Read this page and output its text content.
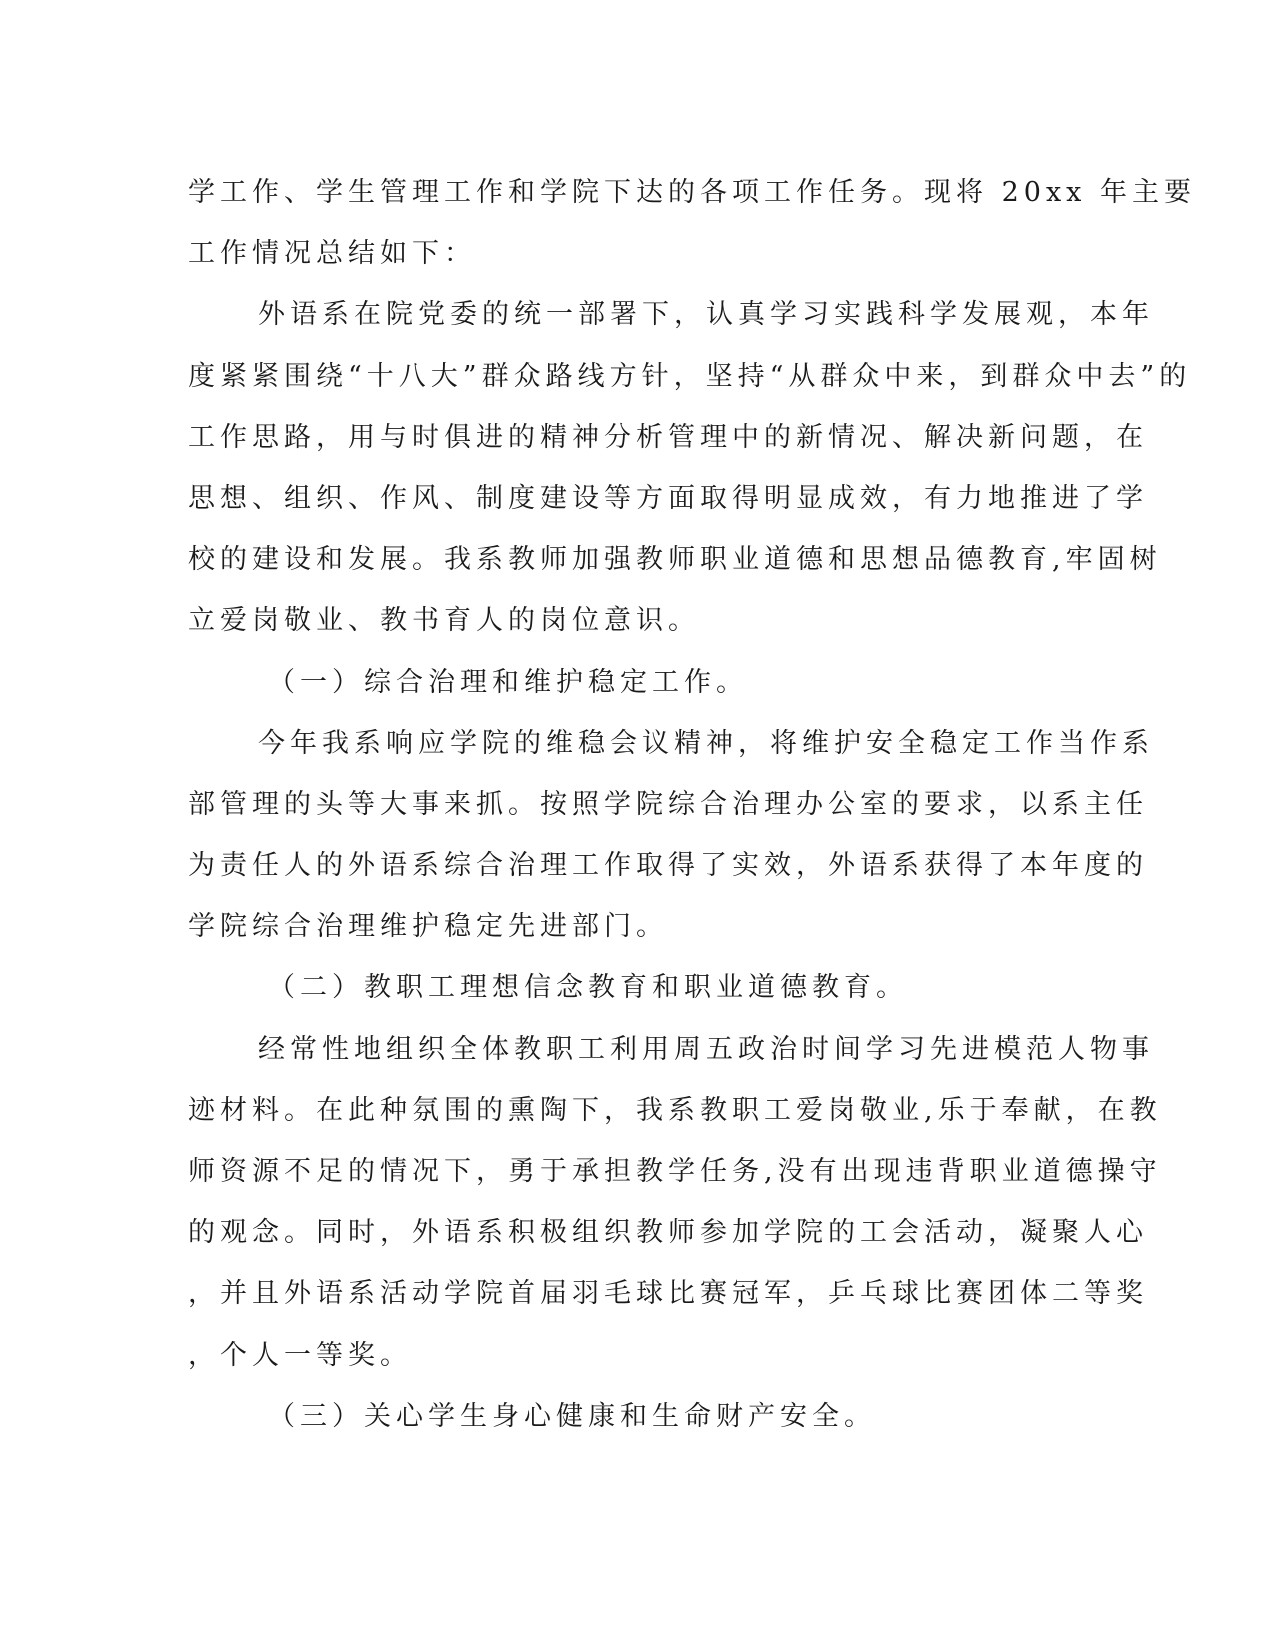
学工作、学生管理工作和学院下达的各项工作任务。现将 20xx 年主要
工作情况总结如下：
外语系在院党委的统一部署下，认真学习实践科学发展观，本年
度紧紧围绕“十八大”群众路线方针，坚持“从群众中来，到群众中去”的
工作思路，用与时俱进的精神分析管理中的新情况、解决新问题，在
思想、组织、作风、制度建设等方面取得明显成效，有力地推进了学
校的建设和发展。我系教师加强教师职业道德和思想品德教育,牢固树
立爱岗敬业、教书育人的岗位意识。
（一）综合治理和维护稳定工作。
今年我系响应学院的维稳会议精神，将维护安全稳定工作当作系
部管理的头等大事来抓。按照学院综合治理办公室的要求，以系主任
为责任人的外语系综合治理工作取得了实效，外语系获得了本年度的
学院综合治理维护稳定先进部门。
（二）教职工理想信念教育和职业道德教育。
经常性地组织全体教职工利用周五政治时间学习先进模范人物事
迹材料。在此种氛围的熏陶下，我系教职工爱岗敬业,乐于奉献，在教
师资源不足的情况下，勇于承担教学任务,没有出现违背职业道德操守
的观念。同时，外语系积极组织教师参加学院的工会活动，凝聚人心
，并且外语系活动学院首届羽毛球比赛冠军，乒乓球比赛团体二等奖
，个人一等奖。
（三）关心学生身心健康和生命财产安全。
